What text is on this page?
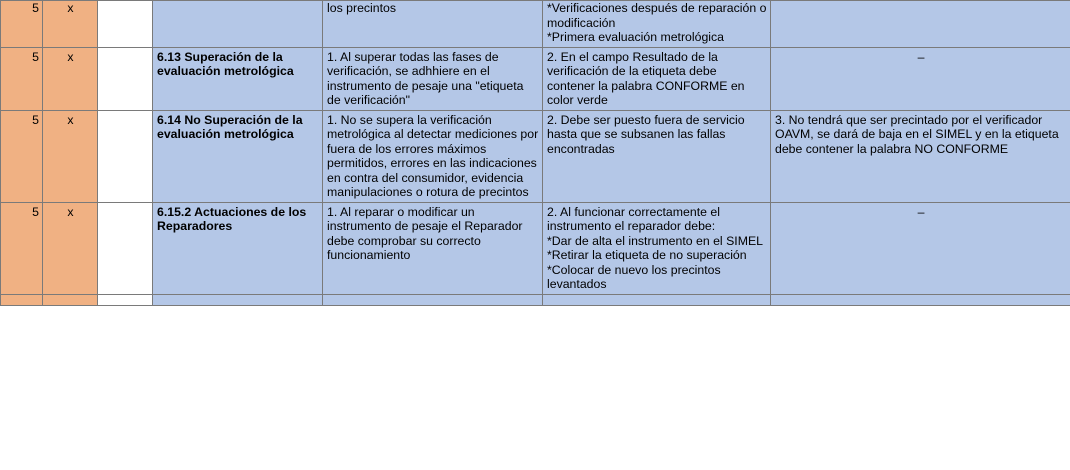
5	x			los precintos	*Verificaciones después de reparación o modificación
*Primera evaluación metrológica	

5	x		6.13 Superación de la evaluación metrológica	1. Al superar todas las fases de verificación, se adhhiere en el instrumento de pesaje una "etiqueta de verificación"	2. En el campo Resultado de la verificación de la etiqueta debe contener la palabra CONFORME en color verde	–
5	x		6.14 No Superación de la evaluación metrológica	1. No se supera la verificación metrológica al detectar mediciones por fuera de los errores máximos permitidos, errores en las indicaciones en contra del consumidor, evidencia manipulaciones o rotura de precintos	2. Debe ser puesto fuera de servicio hasta que se subsanen las fallas encontradas	3. No tendrá que ser precintado por el verificador OAVM, se dará de baja en el SIMEL y en la etiqueta debe contener la palabra NO CONFORME
5	x		6.15.2 Actuaciones de los Reparadores	1. Al reparar o modificar un instrumento de pesaje el Reparador debe comprobar su correcto funcionamiento	2. Al funcionar correctamente el instrumento el reparador debe:
*Dar de alta el instrumento en el SIMEL
*Retirar la etiqueta de no superación
*Colocar de nuevo los precintos levantados	–
